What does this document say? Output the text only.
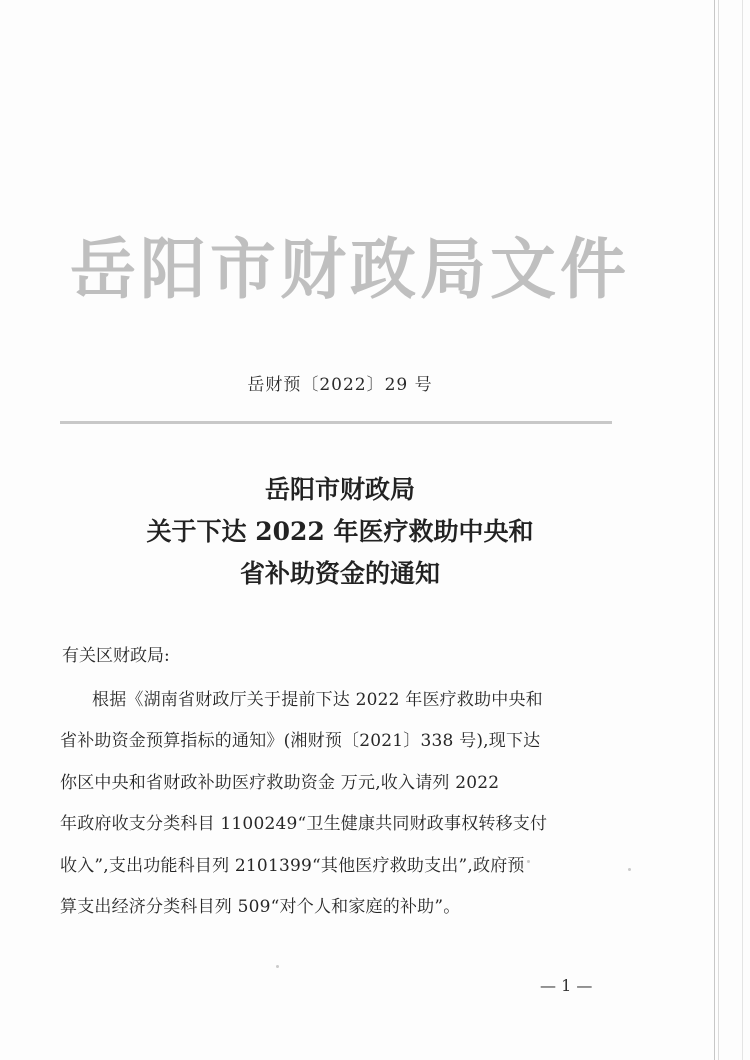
岳阳市财政局文件
岳财预〔2022〕29 号
岳阳市财政局
关于下达 2022 年医疗救助中央和
省补助资金的通知
有关区财政局:
根据《湖南省财政厅关于提前下达 2022 年医疗救助中央和
省补助资金预算指标的通知》(湘财预〔2021〕338 号),现下达
你区中央和省财政补助医疗救助资金 万元,收入请列 2022
年政府收支分类科目 1100249“卫生健康共同财政事权转移支付
收入”,支出功能科目列 2101399“其他医疗救助支出”,政府预
算支出经济分类科目列 509“对个人和家庭的补助”。
— 1 —
